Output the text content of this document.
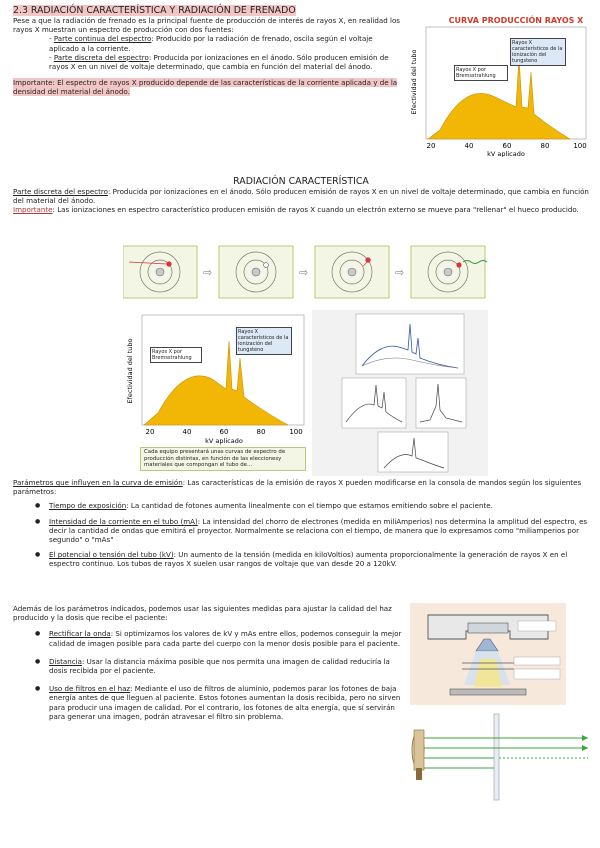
2.3 RADIACIÓN CARACTERÍSTICA Y RADIACIÓN DE FRENADO

Pese a que la radiación de frenado es la principal fuente de producción de interés de rayos X, en realidad los rayos X muestran un espectro de producción con dos fuentes:

- Parte continua del espectro: Producido por la radiación de frenado, oscila según el voltaje aplicado a la corriente.

- Parte discreta del espectro: Producida por ionizaciones en el ánodo. Sólo producen emisión de rayos X en un nivel de voltaje determinado, que cambia en función del material del ánodo.

Importante: El espectro de rayos X producido depende de las características de la corriente aplicada y de la densidad del material del ánodo.

CURVA PRODUCCIÓN RAYOS X
Efectividad del tubo
20	40	60	80	100
kV aplicado
Rayos X por Bremsstrahlung
Rayos X característicos de la ionización del tungsteno
RADIACIÓN CARACTERÍSTICA

Parte discreta del espectro: Producida por ionizaciones en el ánodo. Sólo producen emisión de rayos X en un nivel de voltaje determinado, que cambia en función del material del ánodo.

Importante: Las ionizaciones en espectro característico producen emisión de rayos X cuando un electrón externo se mueve para "rellenar" el hueco producido.

⇨	⇨	⇨
Efectividad del tubo
20	40	60	80	100
kV aplicado
Rayos X por Bremsstrahlung
Rayos X característicos de la ionización del tungsteno
Cada equipo presentará unas curvas de espectro de producción distintas, en función de las eleccionesy materiales que compongan el tubo de...

Parámetros que influyen en la curva de emisión: Las características de la emisión de rayos X pueden modificarse en la consola de mandos según los siguientes parámetros:

● Tiempo de exposición: La cantidad de fotones aumenta linealmente con el tiempo que estamos emitiendo sobre el paciente.
● Intensidad de la corriente en el tubo (mA): La intensidad del chorro de electrones (medida en miliAmperios) nos determina la amplitud del espectro, es decir la cantidad de ondas que emitirá el proyector. Normalmente se relaciona con el tiempo, de manera que lo expresamos como "miliamperios por segundo" o "mAs"
● El potencial o tensión del tubo (kV): Un aumento de la tensión (medida en kiloVoltios) aumenta proporcionalmente la generación de rayos X en el espectro continuo. Los tubos de rayos X suelen usar rangos de voltaje que van desde 20 a 120kV.

Además de los parámetros indicados, podemos usar las siguientes medidas para ajustar la calidad del haz producido y la dosis que recibe el paciente:

● Rectificar la onda: Si optimizamos los valores de kV y mAs entre ellos, podemos conseguir la mejor calidad de imagen posible para cada parte del cuerpo con la menor dosis posible para el paciente.
● Distancia: Usar la distancia máxima posible que nos permita una imagen de calidad reduciría la dosis recibida por el paciente.
● Uso de filtros en el haz: Mediante el uso de filtros de aluminio, podemos parar los fotones de baja energía antes de que lleguen al paciente. Estos fotones aumentan la dosis recibida, pero no sirven para producir una imagen de calidad. Por el contrario, los fotones de alta energía, que sí servirán para generar una imagen, podrán atravesar el filtro sin problema.
